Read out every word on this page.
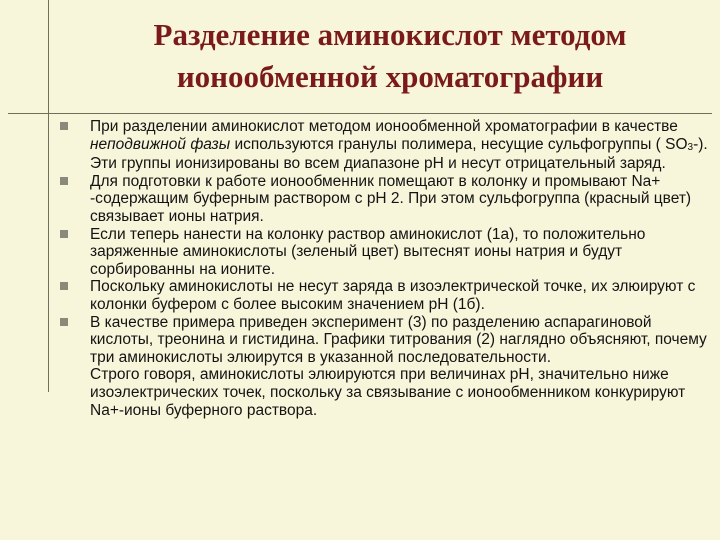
Разделение аминокислот методом
ионообменной хроматографии
При разделении аминокислот методом ионообменной хроматографии в качестве неподвижной фазы используются гранулы полимера, несущие сульфогруппы ( $SO_3-$). Эти группы ионизированы во всем диапазоне рН и несут отрицательный заряд.
Для подготовки к работе ионообменник помещают в колонку и промывают Na+ -содержащим буферным раствором с рН 2. При этом сульфогруппа (красный цвет) связывает ионы натрия.
Если теперь нанести на колонку раствор аминокислот (1а), то положительно заряженные аминокислоты (зеленый цвет) вытеснят ионы натрия и будут сорбированны на ионите.
Поскольку аминокислоты не несут заряда в изоэлектрической точке, их элюируют с колонки буфером с более высоким значением рН (1б).
В качестве примера приведен эксперимент (3) по разделению аспарагиновой кислоты, треонина и гистидина. Графики титрования (2) наглядно объясняют, почему три аминокислоты элюирутся в указанной последовательности.
Строго говоря, аминокислоты элюируются при величинах рН, значительно ниже изоэлектрических точек, поскольку за связывание с ионообменником конкурируют Na+-ионы буферного раствора.
